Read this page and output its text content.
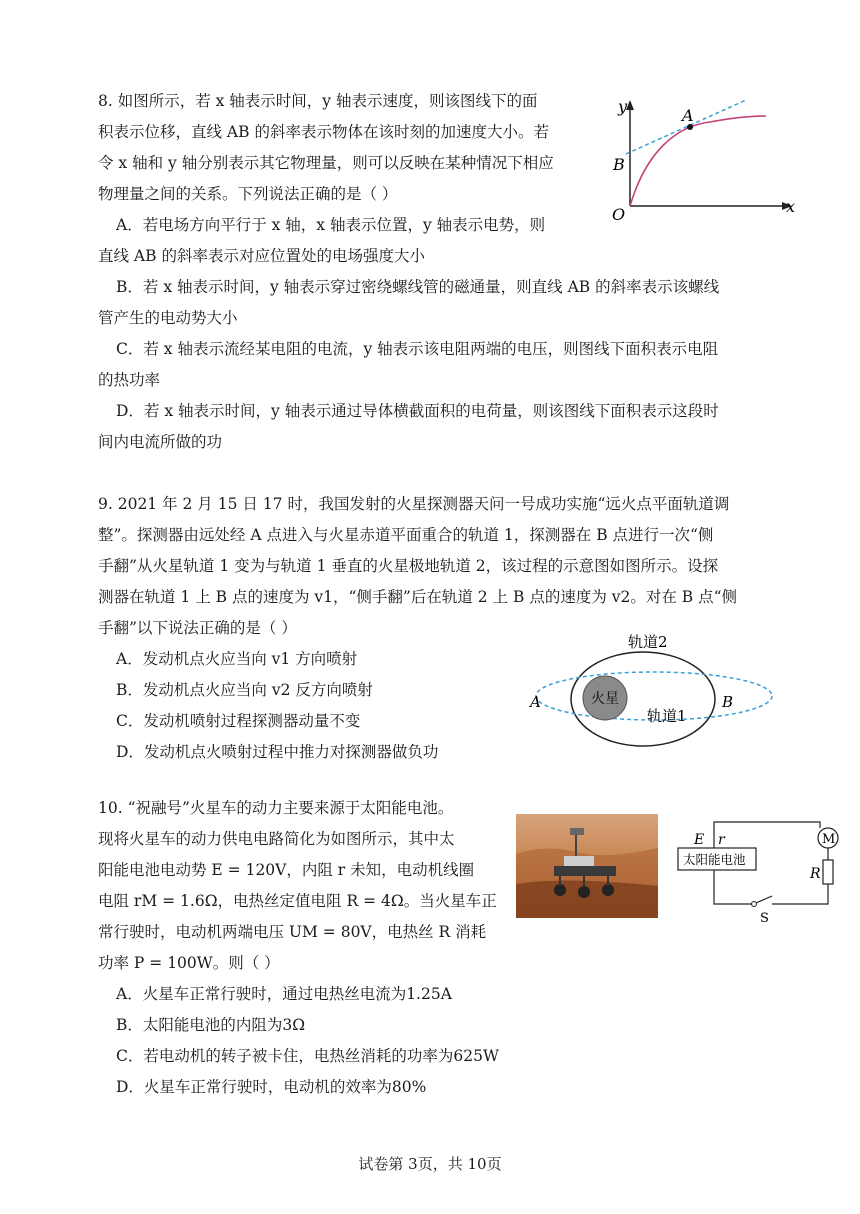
8. 如图所示，若 x 轴表示时间，y 轴表示速度，则该图线下的面
积表示位移，直线 AB 的斜率表示物体在该时刻的加速度大小。若
令 x 轴和 y 轴分别表示其它物理量，则可以反映在某种情况下相应
物理量之间的关系。下列说法正确的是（ ）
A．若电场方向平行于 x 轴，x 轴表示位置，y 轴表示电势，则
直线 AB 的斜率表示对应位置处的电场强度大小
B．若 x 轴表示时间，y 轴表示穿过密绕螺线管的磁通量，则直线 AB 的斜率表示该螺线
管产生的电动势大小
C．若 x 轴表示流经某电阻的电流，y 轴表示该电阻两端的电压，则图线下面积表示电阻
的热功率
D．若 x 轴表示时间，y 轴表示通过导体横截面积的电荷量，则该图线下面积表示这段时
间内电流所做的功
y
x
A
B
O
9. 2021 年 2 月 15 日 17 时，我国发射的火星探测器天问一号成功实施“远火点平面轨道调
整”。探测器由远处经 A 点进入与火星赤道平面重合的轨道 1，探测器在 B 点进行一次“侧
手翻”从火星轨道 1 变为与轨道 1 垂直的火星极地轨道 2，该过程的示意图如图所示。设探
测器在轨道 1 上 B 点的速度为 v1，“侧手翻”后在轨道 2 上 B 点的速度为 v2。对在 B 点“侧
手翻”以下说法正确的是（ ）
A．发动机点火应当向 v1 方向喷射
B．发动机点火应当向 v2 反方向喷射
C．发动机喷射过程探测器动量不变
D．发动机点火喷射过程中推力对探测器做负功
轨道2
火星
轨道1
A	B
10. “祝融号”火星车的动力主要来源于太阳能电池。
现将火星车的动力供电电路简化为如图所示，其中太
阳能电池电动势 E = 120V，内阻 r 未知，电动机线圈
电阻 rM = 1.6Ω，电热丝定值电阻 R = 4Ω。当火星车正
常行驶时，电动机两端电压 UM = 80V，电热丝 R 消耗
功率 P = 100W。则（ ）
A．火星车正常行驶时，通过电热丝电流为1.25A
B．太阳能电池的内阻为3Ω
C．若电动机的转子被卡住，电热丝消耗的功率为625W
D．火星车正常行驶时，电动机的效率为80%
太阳能电池
E r	M
R
S
试卷第 3页，共 10页
